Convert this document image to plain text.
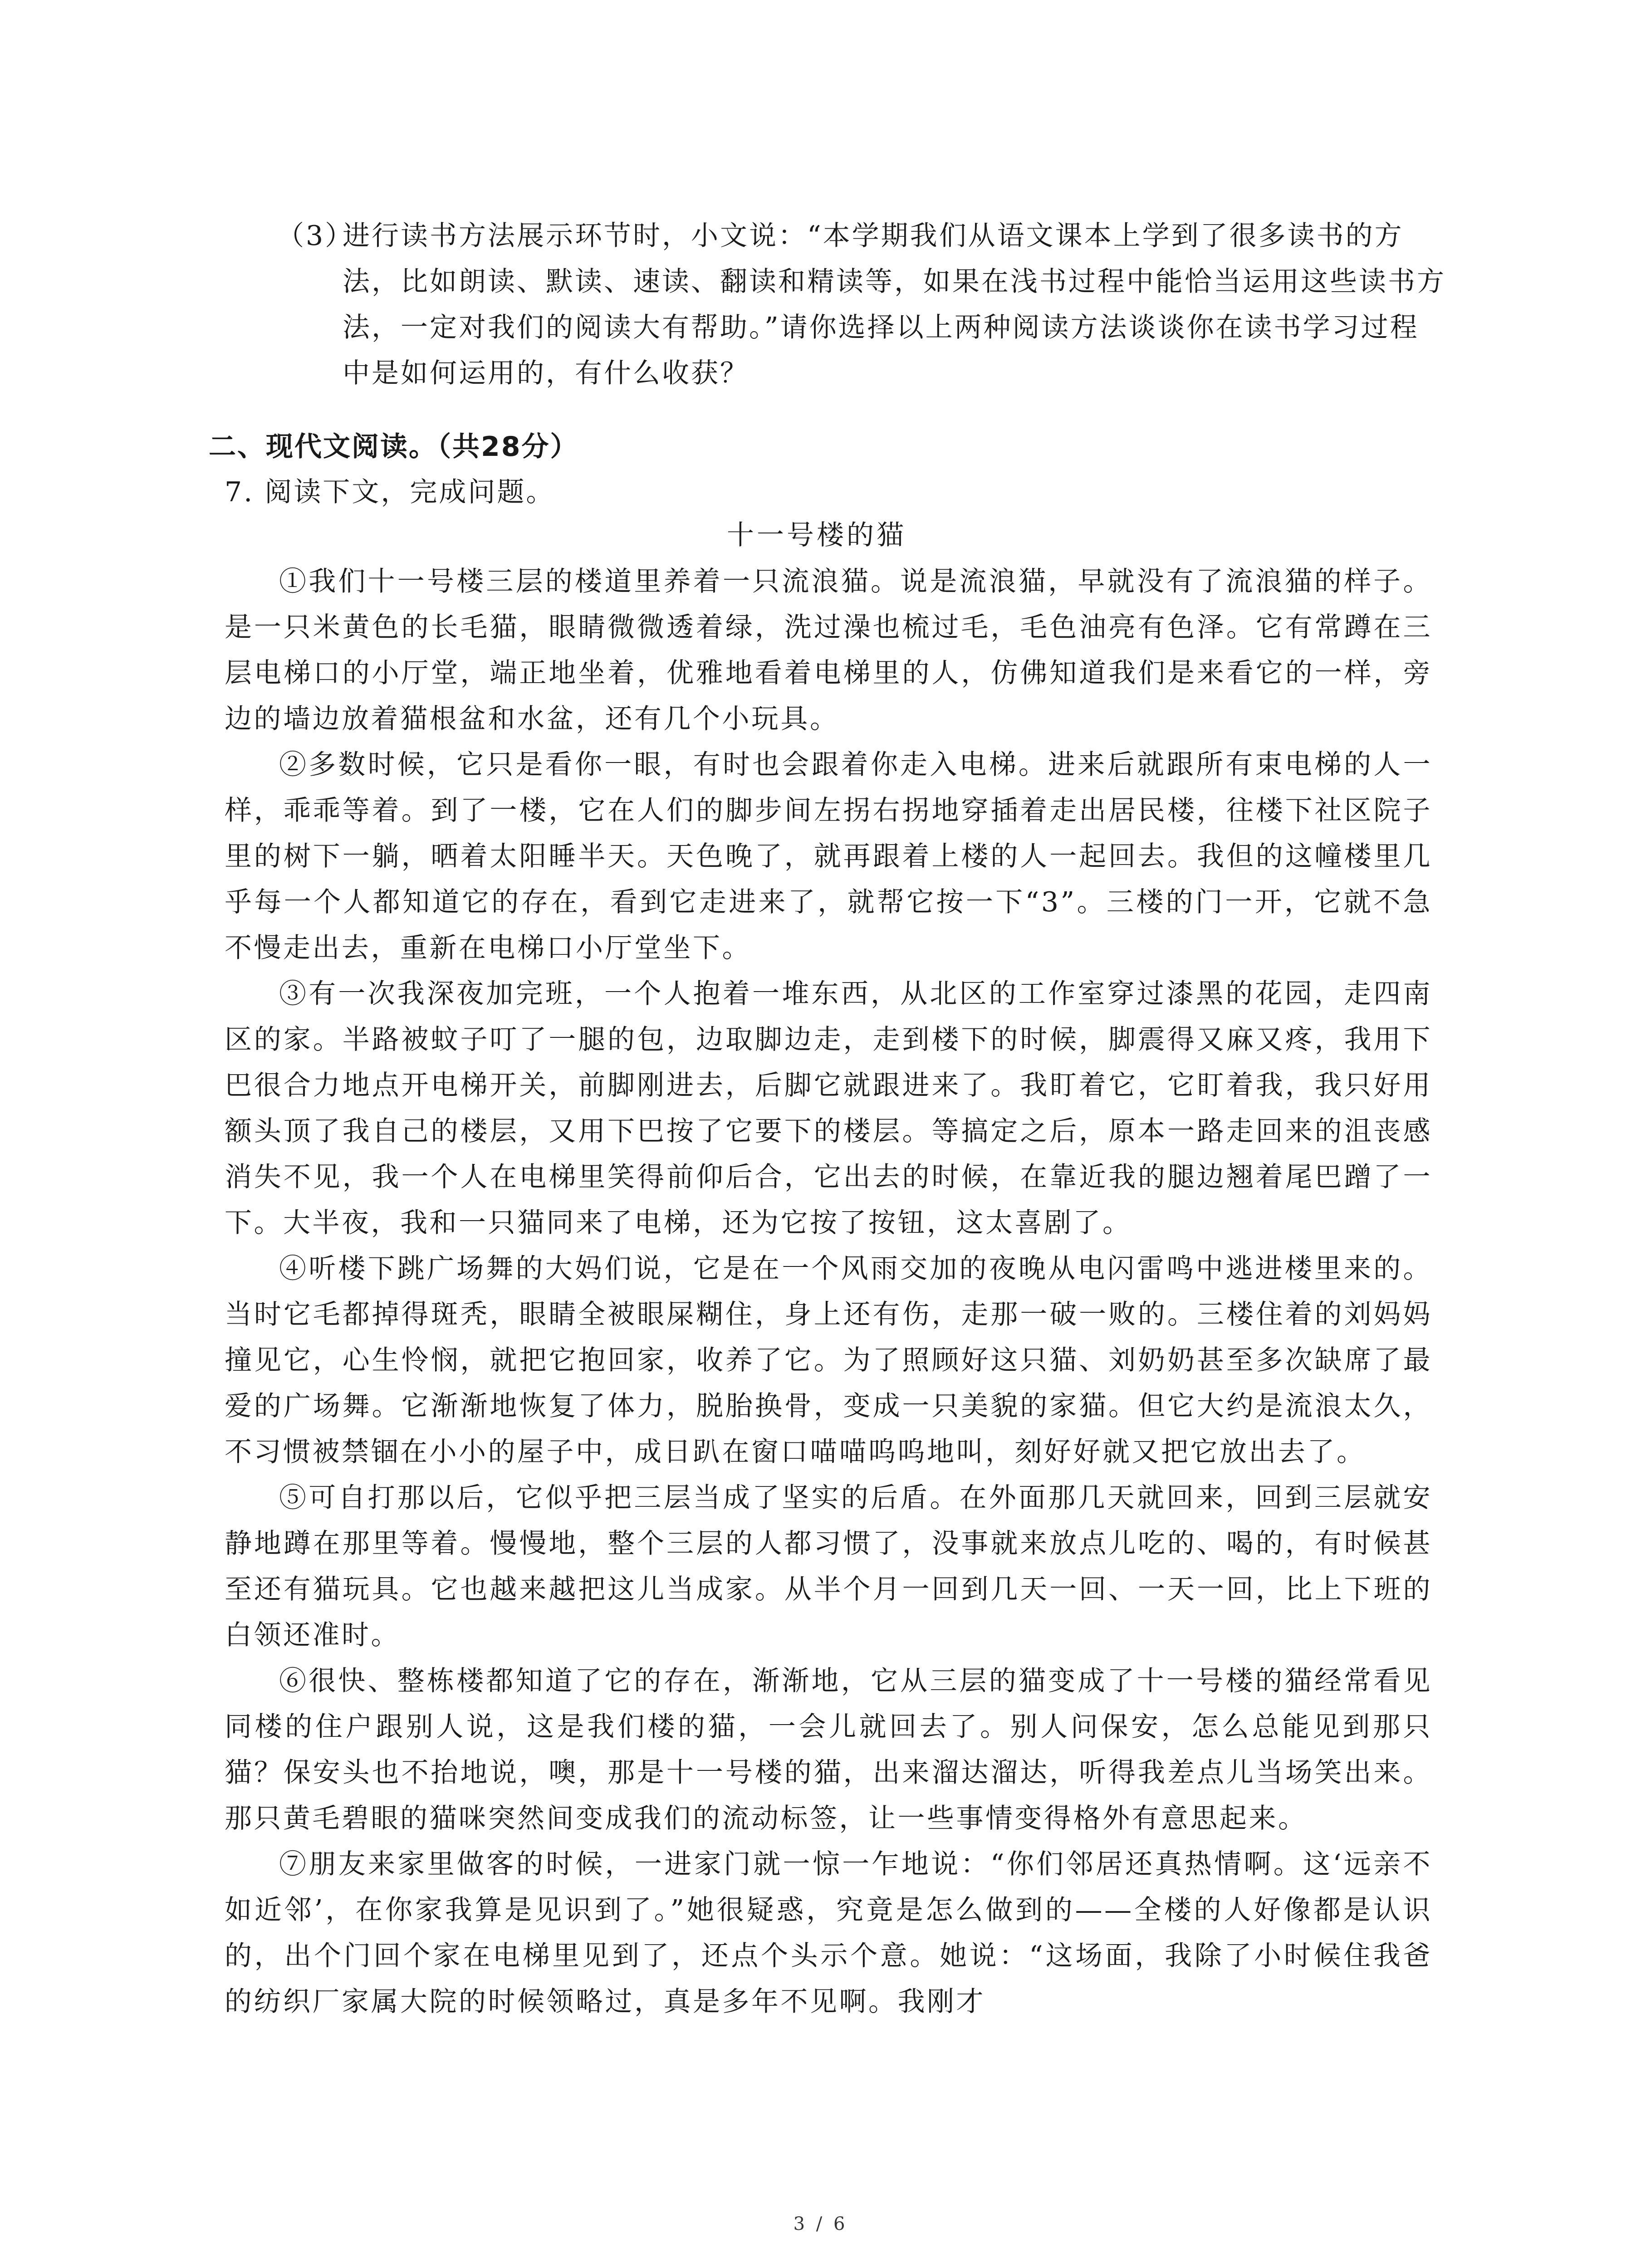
（3）
进行读书方法展示环节时，小文说：“本学期我们从语文课本上学到了很多读书的方法，比如朗读、默读、速读、翻读和精读等，如果在浅书过程中能恰当运用这些读书方法，一定对我们的阅读大有帮助。”请你选择以上两种阅读方法谈谈你在读书学习过程中是如何运用的，有什么收获？
二、现代文阅读。（共28分）
7. 阅读下文，完成问题。
十一号楼的猫

①我们十一号楼三层的楼道里养着一只流浪猫。说是流浪猫，早就没有了流浪猫的样子。是一只米黄色的长毛猫，眼睛微微透着绿，洗过澡也梳过毛，毛色油亮有色泽。它有常蹲在三层电梯口的小厅堂，端正地坐着，优雅地看着电梯里的人，仿佛知道我们是来看它的一样，旁边的墙边放着猫根盆和水盆，还有几个小玩具。

②多数时候，它只是看你一眼，有时也会跟着你走入电梯。进来后就跟所有束电梯的人一样，乖乖等着。到了一楼，它在人们的脚步间左拐右拐地穿插着走出居民楼，往楼下社区院子里的树下一躺，晒着太阳睡半天。天色晚了，就再跟着上楼的人一起回去。我但的这幢楼里几乎每一个人都知道它的存在，看到它走进来了，就帮它按一下“3”。三楼的门一开，它就不急不慢走出去，重新在电梯口小厅堂坐下。

③有一次我深夜加完班，一个人抱着一堆东西，从北区的工作室穿过漆黑的花园，走四南区的家。半路被蚊子叮了一腿的包，边取脚边走，走到楼下的时候，脚震得又麻又疼，我用下巴很合力地点开电梯开关，前脚刚进去，后脚它就跟进来了。我盯着它，它盯着我，我只好用额头顶了我自己的楼层，又用下巴按了它要下的楼层。等搞定之后，原本一路走回来的沮丧感消失不见，我一个人在电梯里笑得前仰后合，它出去的时候，在靠近我的腿边翘着尾巴蹭了一下。大半夜，我和一只猫同来了电梯，还为它按了按钮，这太喜剧了。

④听楼下跳广场舞的大妈们说，它是在一个风雨交加的夜晚从电闪雷鸣中逃进楼里来的。当时它毛都掉得斑秃，眼睛全被眼屎糊住，身上还有伤，走那一破一败的。三楼住着的刘妈妈撞见它，心生怜悯，就把它抱回家，收养了它。为了照顾好这只猫、刘奶奶甚至多次缺席了最爱的广场舞。它渐渐地恢复了体力，脱胎换骨，变成一只美貌的家猫。但它大约是流浪太久，不习惯被禁锢在小小的屋子中，成日趴在窗口喵喵呜呜地叫，刻好好就又把它放出去了。

⑤可自打那以后，它似乎把三层当成了坚实的后盾。在外面那几天就回来，回到三层就安静地蹲在那里等着。慢慢地，整个三层的人都习惯了，没事就来放点儿吃的、喝的，有时候甚至还有猫玩具。它也越来越把这儿当成家。从半个月一回到几天一回、一天一回，比上下班的白领还准时。

⑥很快、整栋楼都知道了它的存在，渐渐地，它从三层的猫变成了十一号楼的猫经常看见同楼的住户跟别人说，这是我们楼的猫，一会儿就回去了。别人问保安，怎么总能见到那只猫？保安头也不抬地说，噢，那是十一号楼的猫，出来溜达溜达，听得我差点儿当场笑出来。那只黄毛碧眼的猫咪突然间变成我们的流动标签，让一些事情变得格外有意思起来。

⑦朋友来家里做客的时候，一进家门就一惊一乍地说：“你们邻居还真热情啊。这‘远亲不如近邻’，在你家我算是见识到了。”她很疑惑，究竟是怎么做到的——全楼的人好像都是认识的，出个门回个家在电梯里见到了，还点个头示个意。她说：“这场面，我除了小时候住我爸的纺织厂家属大院的时候领略过，真是多年不见啊。我刚才

3 / 6
